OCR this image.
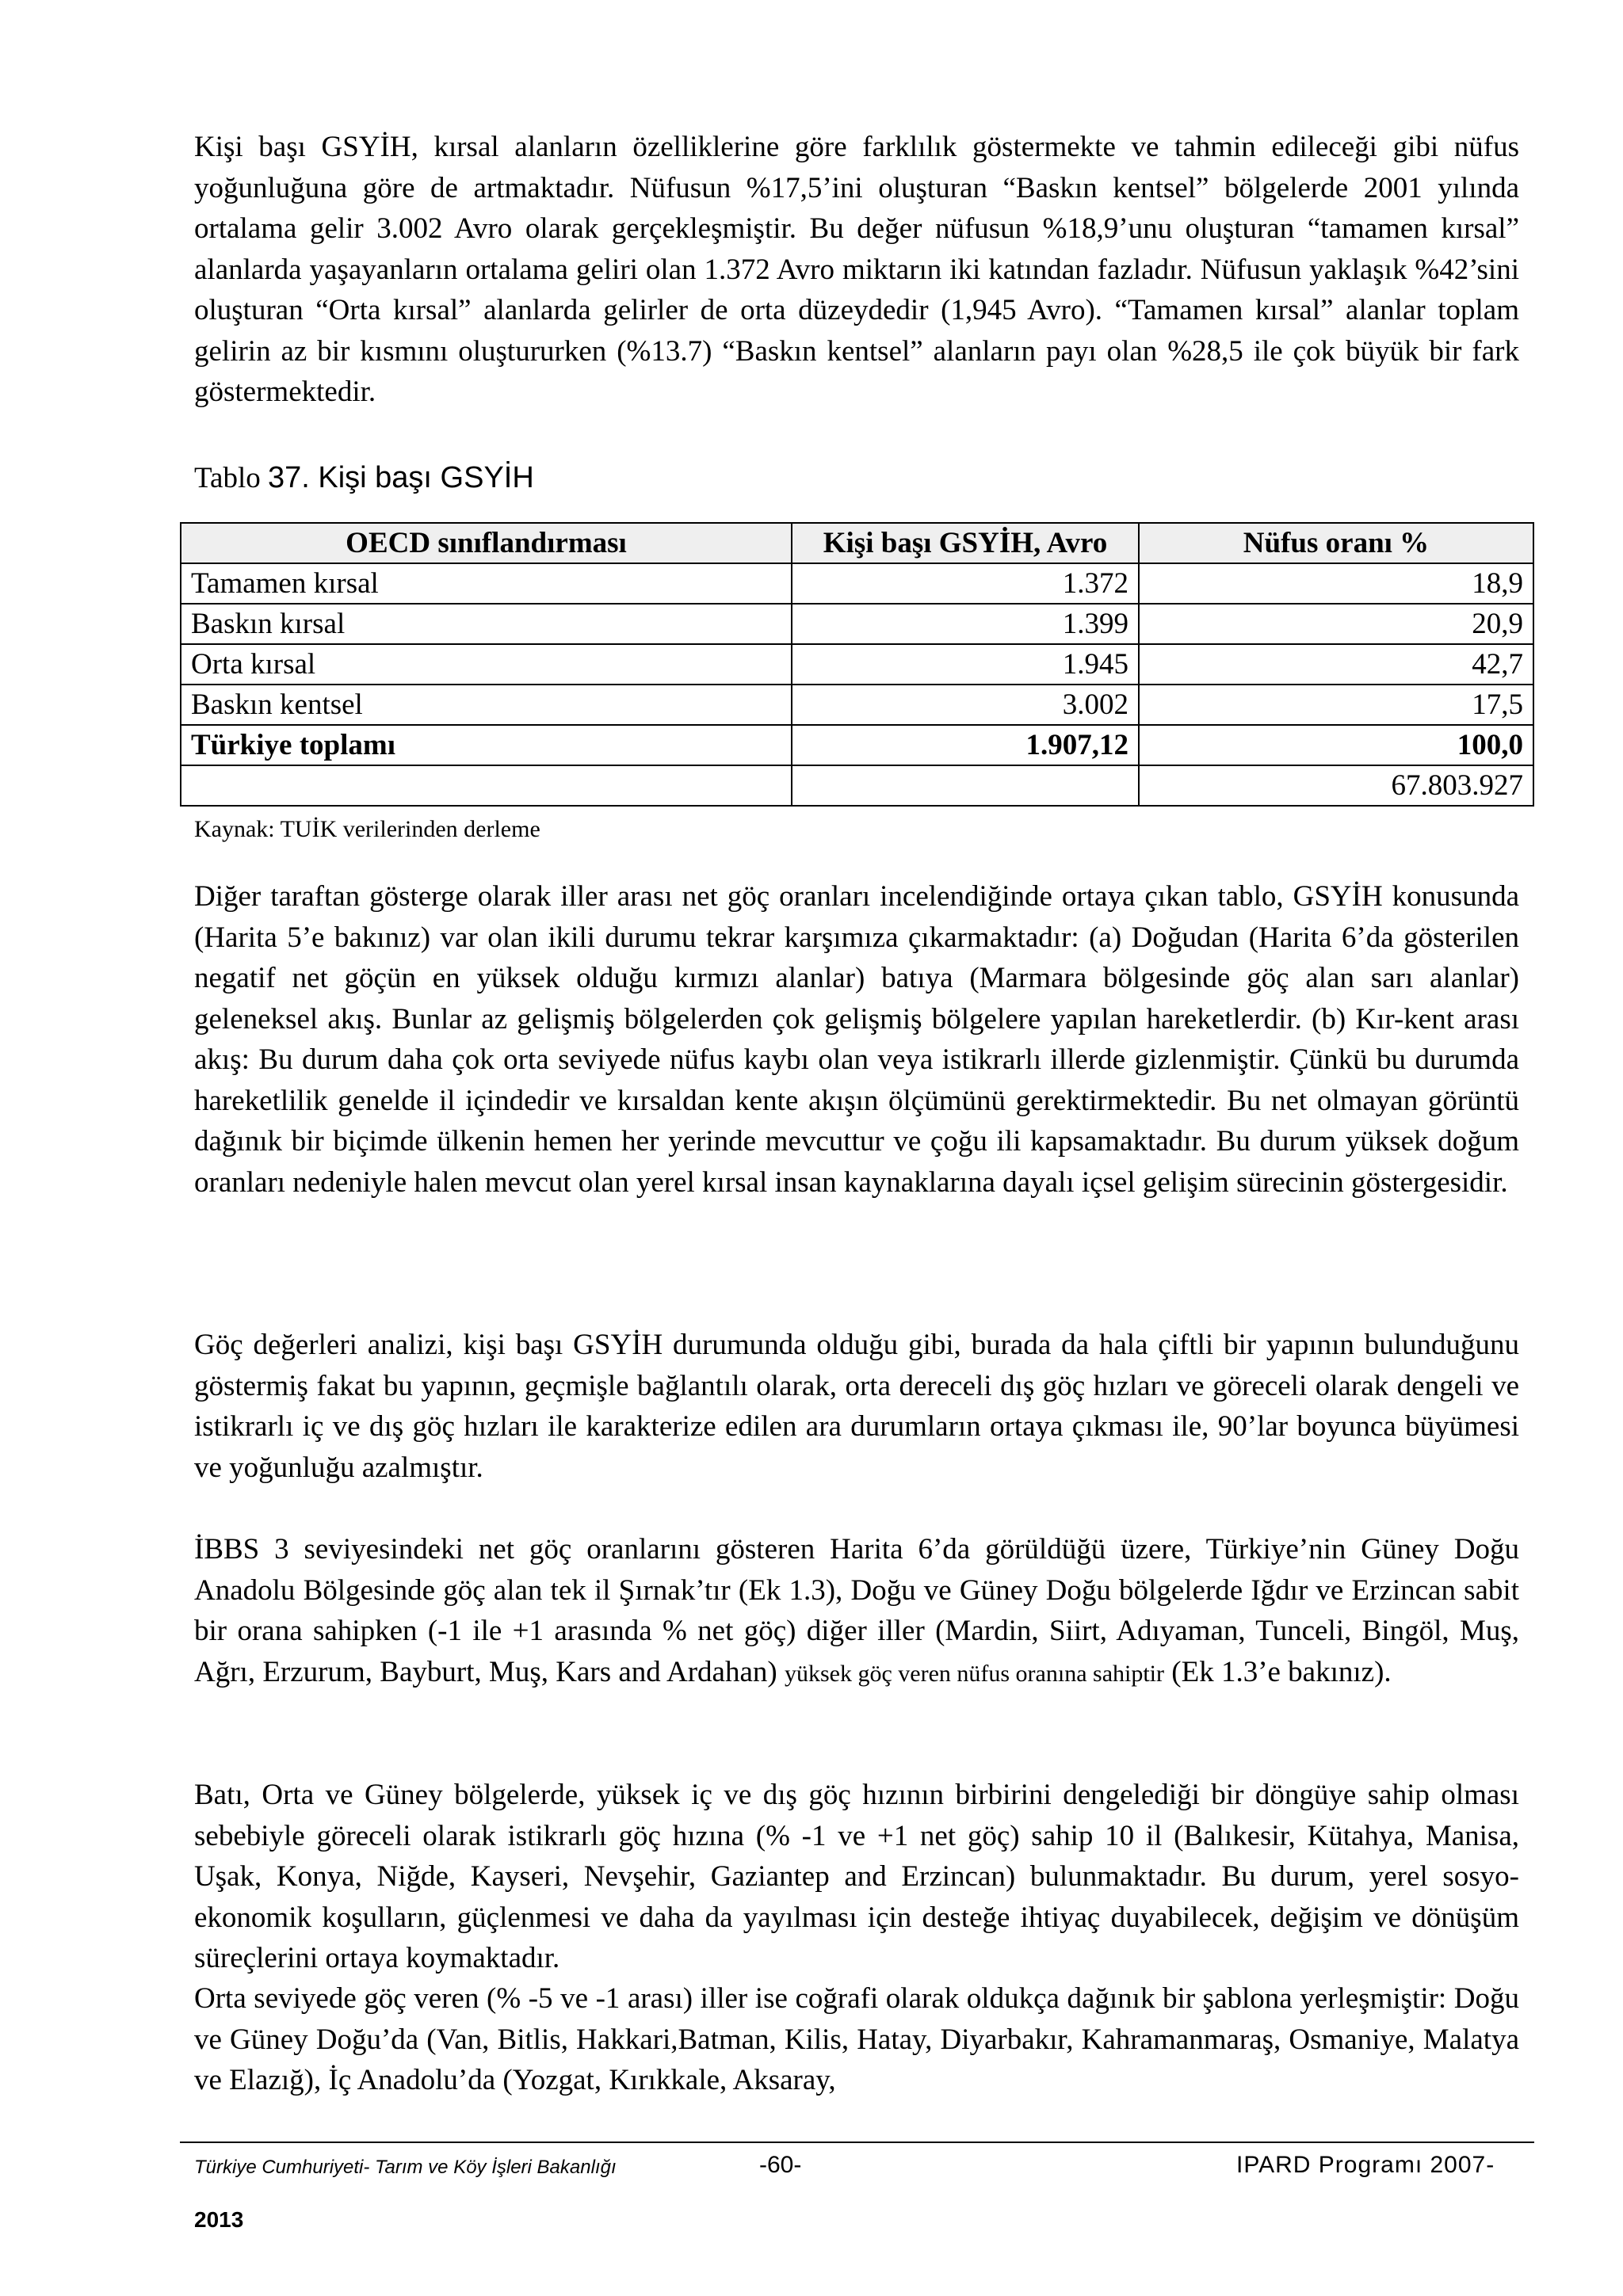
Kişi başı GSYİH, kırsal alanların özelliklerine göre farklılık göstermekte ve tahmin edileceği gibi nüfus yoğunluğuna göre de artmaktadır. Nüfusun %17,5’ini oluşturan “Baskın kentsel” bölgelerde 2001 yılında ortalama gelir 3.002 Avro olarak gerçekleşmiştir. Bu değer nüfusun %18,9’unu oluşturan “tamamen kırsal” alanlarda yaşayanların ortalama geliri olan 1.372 Avro miktarın iki katından fazladır. Nüfusun yaklaşık %42’sini oluşturan “Orta kırsal” alanlarda gelirler de orta düzeydedir (1,945 Avro). “Tamamen kırsal” alanlar toplam gelirin az bir kısmını oluştururken (%13.7) “Baskın kentsel” alanların payı olan %28,5 ile çok büyük bir fark göstermektedir.

Tablo 37. Kişi başı GSYİH
OECD sınıflandırması	Kişi başı GSYİH, Avro	Nüfus oranı %
Tamamen kırsal	1.372	18,9
Baskın kırsal	1.399	20,9
Orta kırsal	1.945	42,7
Baskın kentsel	3.002	17,5
Türkiye toplamı	1.907,12	100,0
		67.803.927
Kaynak: TUİK verilerinden derleme

Diğer taraftan gösterge olarak iller arası net göç oranları incelendiğinde ortaya çıkan tablo, GSYİH konusunda (Harita 5’e bakınız) var olan ikili durumu tekrar karşımıza çıkarmaktadır: (a) Doğudan (Harita 6’da gösterilen negatif net göçün en yüksek olduğu kırmızı alanlar) batıya (Marmara bölgesinde göç alan sarı alanlar) geleneksel akış. Bunlar az gelişmiş bölgelerden çok gelişmiş bölgelere yapılan hareketlerdir. (b) Kır-kent arası akış: Bu durum daha çok orta seviyede nüfus kaybı olan veya istikrarlı illerde gizlenmiştir. Çünkü bu durumda hareketlilik genelde il içindedir ve kırsaldan kente akışın ölçümünü gerektirmektedir. Bu net olmayan görüntü dağınık bir biçimde ülkenin hemen her yerinde mevcuttur ve çoğu ili kapsamaktadır. Bu durum yüksek doğum oranları nedeniyle halen mevcut olan yerel kırsal insan kaynaklarına dayalı içsel gelişim sürecinin göstergesidir.

Göç değerleri analizi, kişi başı GSYİH durumunda olduğu gibi, burada da hala çiftli bir yapının bulunduğunu göstermiş fakat bu yapının, geçmişle bağlantılı olarak, orta dereceli dış göç hızları ve göreceli olarak dengeli ve istikrarlı iç ve dış göç hızları ile karakterize edilen ara durumların ortaya çıkması ile, 90’lar boyunca büyümesi ve yoğunluğu azalmıştır.

İBBS 3 seviyesindeki net göç oranlarını gösteren Harita 6’da görüldüğü üzere, Türkiye’nin Güney Doğu Anadolu Bölgesinde göç alan tek il Şırnak’tır (Ek 1.3), Doğu ve Güney Doğu bölgelerde Iğdır ve Erzincan sabit bir orana sahipken (-1 ile +1 arasında % net göç) diğer iller (Mardin, Siirt, Adıyaman, Tunceli, Bingöl, Muş, Ağrı, Erzurum, Bayburt, Muş, Kars and Ardahan) yüksek göç veren nüfus oranına sahiptir (Ek 1.3’e bakınız).

Batı, Orta ve Güney bölgelerde, yüksek iç ve dış göç hızının birbirini dengelediği bir döngüye sahip olması sebebiyle göreceli olarak istikrarlı göç hızına (% -1 ve +1 net göç) sahip 10 il (Balıkesir, Kütahya, Manisa, Uşak, Konya, Niğde, Kayseri, Nevşehir, Gaziantep and Erzincan) bulunmaktadır. Bu durum, yerel sosyo-ekonomik koşulların, güçlenmesi ve daha da yayılması için desteğe ihtiyaç duyabilecek, değişim ve dönüşüm süreçlerini ortaya koymaktadır.

Orta seviyede göç veren (% -5 ve -1 arası) iller ise coğrafi olarak oldukça dağınık bir şablona yerleşmiştir: Doğu ve Güney Doğu’da (Van, Bitlis, Hakkari,Batman, Kilis, Hatay, Diyarbakır, Kahramanmaraş, Osmaniye, Malatya ve Elazığ), İç Anadolu’da (Yozgat, Kırıkkale, Aksaray,

Türkiye Cumhuriyeti- Tarım ve Köy İşleri Bakanlığı	-60-	IPARD Programı 2007-
2013
